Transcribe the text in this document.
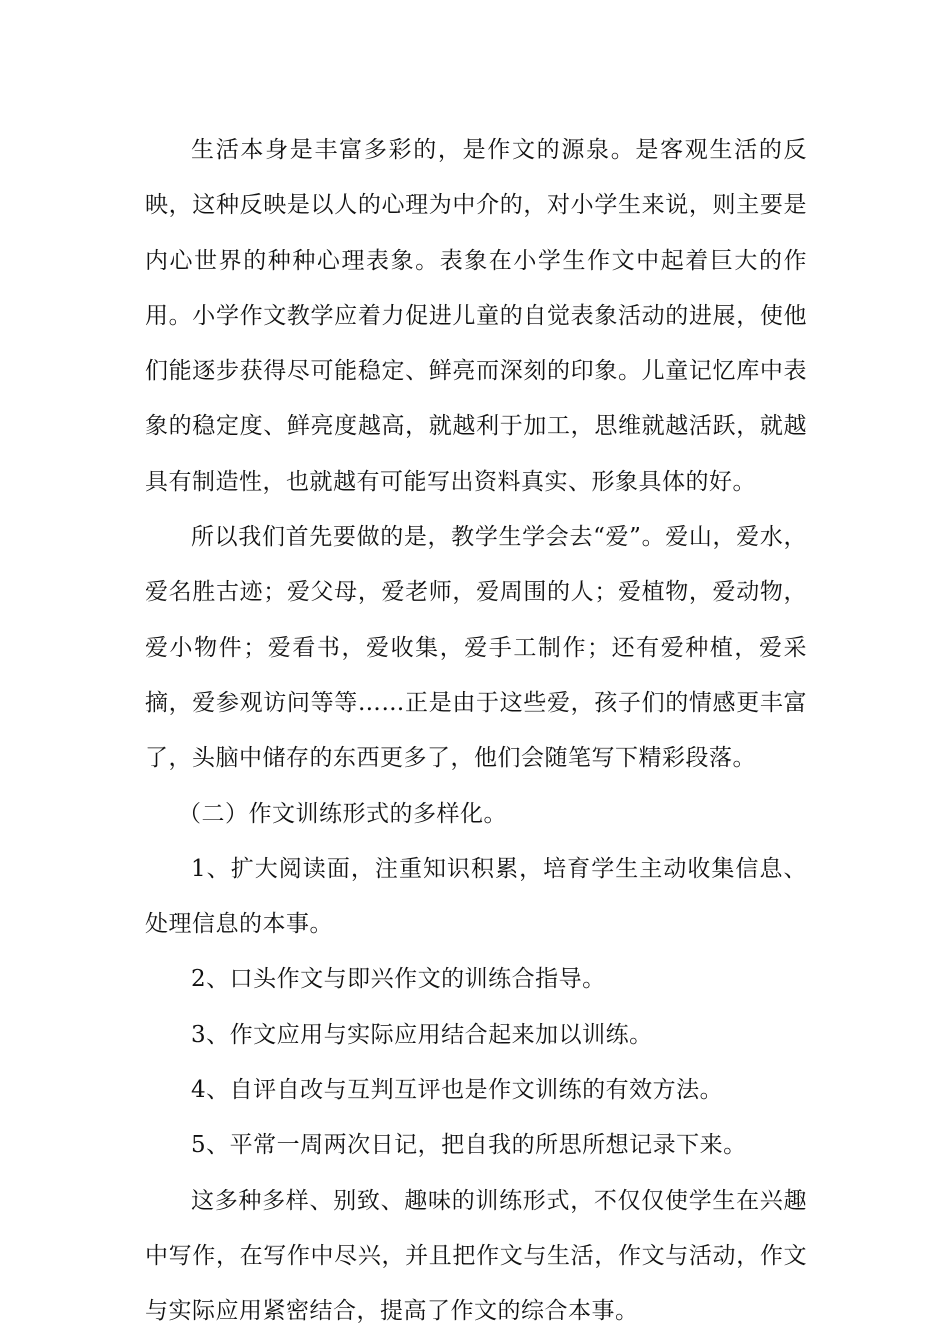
生活本身是丰富多彩的，是作文的源泉。是客观生活的反映，这种反映是以人的心理为中介的，对小学生来说，则主要是内心世界的种种心理表象。表象在小学生作文中起着巨大的作用。小学作文教学应着力促进儿童的自觉表象活动的进展，使他们能逐步获得尽可能稳定、鲜亮而深刻的印象。儿童记忆库中表象的稳定度、鲜亮度越高，就越利于加工，思维就越活跃，就越具有制造性，也就越有可能写出资料真实、形象具体的好。

所以我们首先要做的是，教学生学会去“爱”。爱山，爱水，爱名胜古迹；爱父母，爱老师，爱周围的人；爱植物，爱动物，爱小物件；爱看书，爱收集，爱手工制作；还有爱种植，爱采摘，爱参观访问等等……正是由于这些爱，孩子们的情感更丰富了，头脑中储存的东西更多了，他们会随笔写下精彩段落。

（二）作文训练形式的多样化。

1、扩大阅读面，注重知识积累，培育学生主动收集信息、处理信息的本事。

2、口头作文与即兴作文的训练合指导。

3、作文应用与实际应用结合起来加以训练。

4、自评自改与互判互评也是作文训练的有效方法。

5、平常一周两次日记，把自我的所思所想记录下来。

这多种多样、别致、趣味的训练形式，不仅仅使学生在兴趣中写作，在写作中尽兴，并且把作文与生活，作文与活动，作文与实际应用紧密结合，提高了作文的综合本事。
